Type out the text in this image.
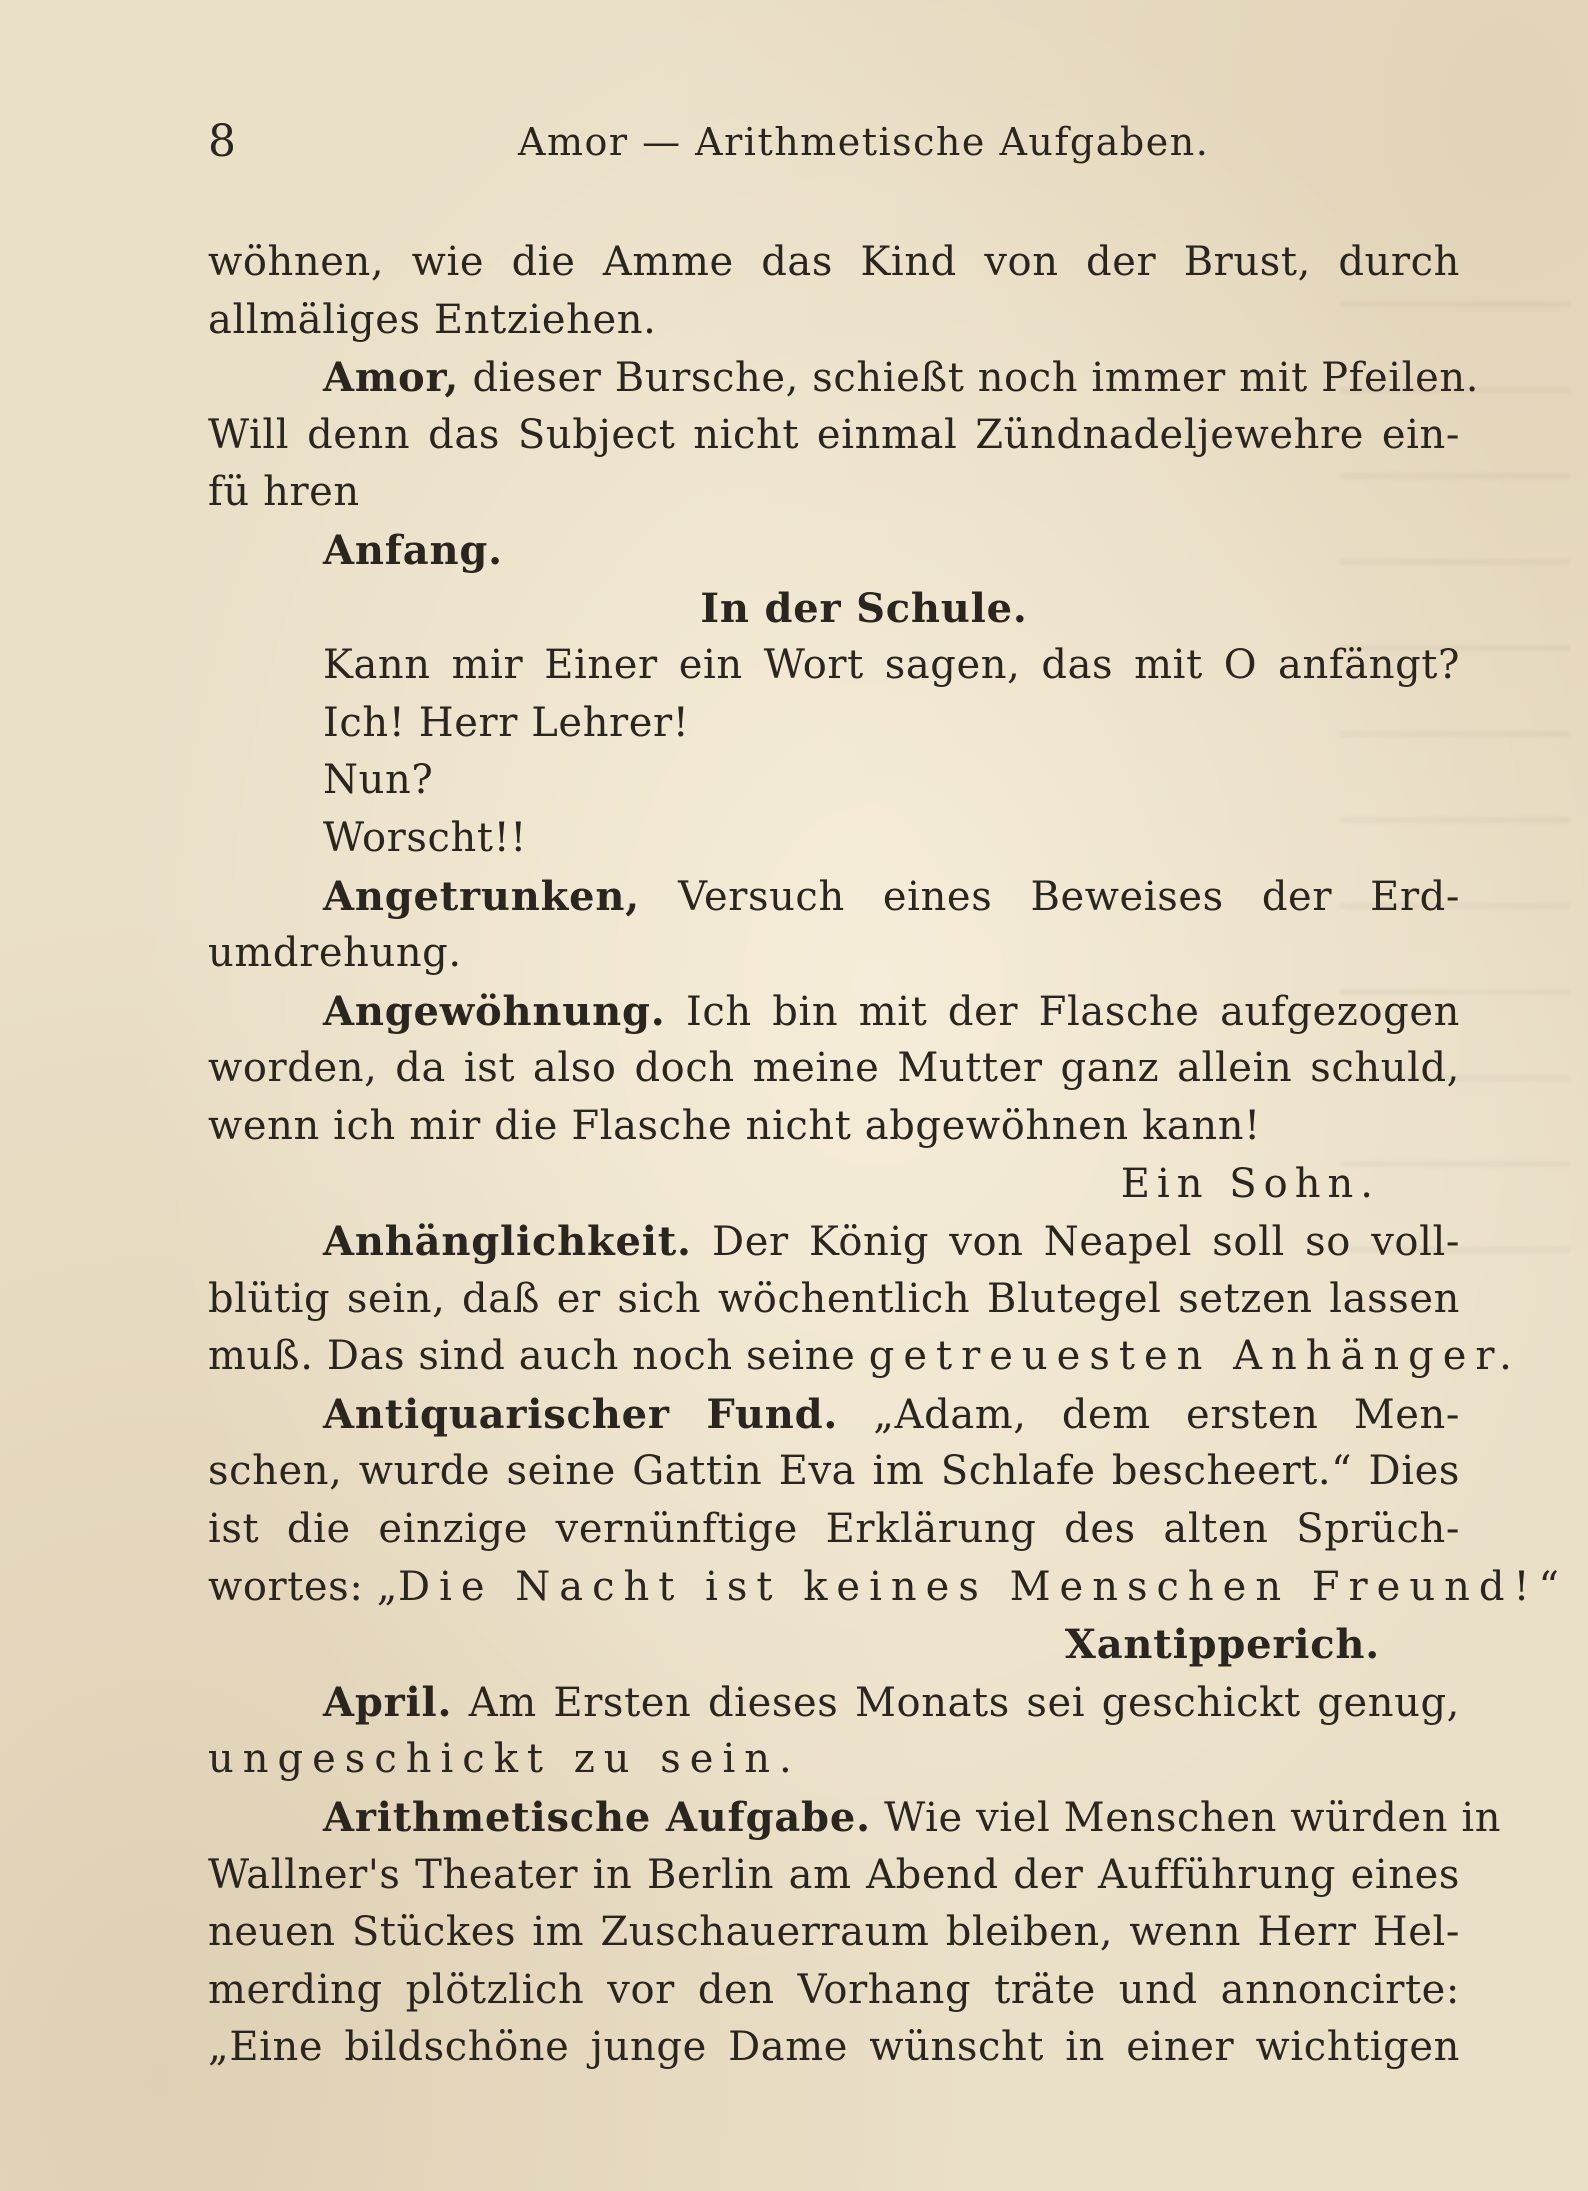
8	Amor — Arithmetische Aufgaben.
wöhnen, wie die Amme das Kind von der Brust, durch
allmäliges Entziehen.
Amor, dieser Bursche, schießt noch immer mit Pfeilen.
Will denn das Subject nicht einmal Zündnadeljewehre ein-
fü hren
Anfang.
In der Schule.
Kann mir Einer ein Wort sagen, das mit O anfängt?
Ich! Herr Lehrer!
Nun?
Worscht!!
Angetrunken, Versuch eines Beweises der Erd-
umdrehung.
Angewöhnung. Ich bin mit der Flasche aufgezogen
worden, da ist also doch meine Mutter ganz allein schuld,
wenn ich mir die Flasche nicht abgewöhnen kann!
Ein Sohn.
Anhänglichkeit. Der König von Neapel soll so voll-
blütig sein, daß er sich wöchentlich Blutegel setzen lassen
muß. Das sind auch noch seine getreuesten Anhänger.
Antiquarischer Fund. „Adam, dem ersten Men-
schen, wurde seine Gattin Eva im Schlafe bescheert.“ Dies
ist die einzige vernünftige Erklärung des alten Sprüch-
wortes: „Die Nacht ist keines Menschen Freund!“
Xantipperich.
April. Am Ersten dieses Monats sei geschickt genug,
ungeschickt zu sein.
Arithmetische Aufgabe. Wie viel Menschen würden in
Wallner's Theater in Berlin am Abend der Aufführung eines
neuen Stückes im Zuschauerraum bleiben, wenn Herr Hel-
merding plötzlich vor den Vorhang träte und annoncirte:
„Eine bildschöne junge Dame wünscht in einer wichtigen
